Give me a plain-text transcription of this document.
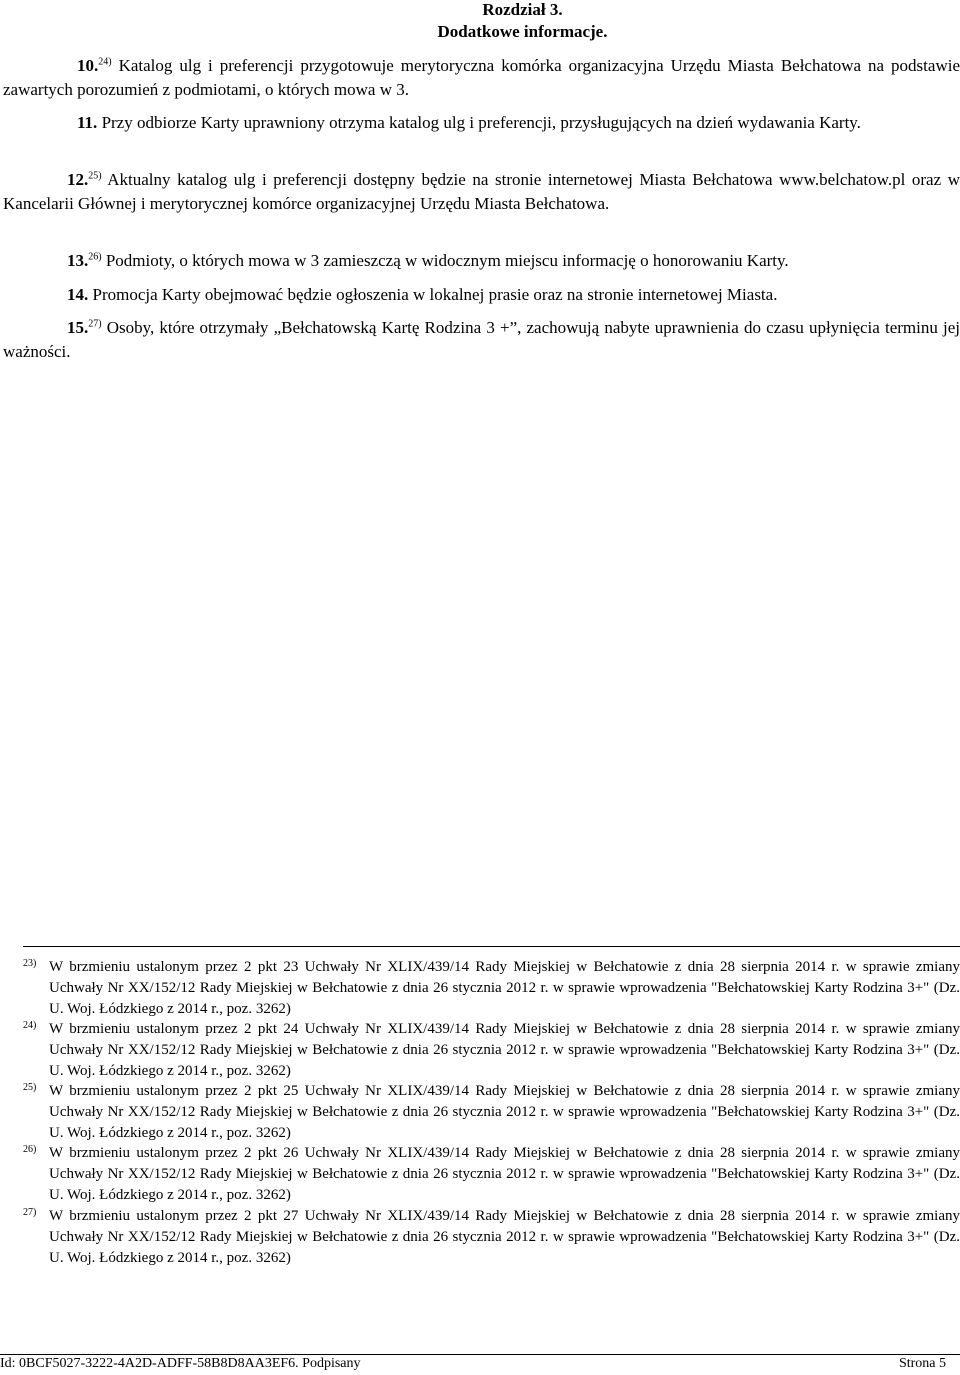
Rozdział 3.
Dodatkowe informacje.
10.$^{24)}$ Katalog ulg i preferencji przygotowuje merytoryczna komórka organizacyjna Urzędu Miasta Bełchatowa na podstawie zawartych porozumień z podmiotami, o których mowa w 3.
11. Przy odbiorze Karty uprawniony otrzyma katalog ulg i preferencji, przysługujących na dzień wydawania Karty.
12.$^{25)}$ Aktualny katalog ulg i preferencji dostępny będzie na stronie internetowej Miasta Bełchatowa www.belchatow.pl oraz w Kancelarii Głównej i merytorycznej komórce organizacyjnej Urzędu Miasta Bełchatowa.
13.$^{26)}$ Podmioty, o których mowa w 3 zamieszczą w widocznym miejscu informację o honorowaniu Karty.
14. Promocja Karty obejmować będzie ogłoszenia w lokalnej prasie oraz na stronie internetowej Miasta.
15.$^{27)}$ Osoby, które otrzymały „Bełchatowską Kartę Rodzina 3 +”, zachowują nabyte uprawnienia do czasu upłynięcia terminu jej ważności.
23) W brzmieniu ustalonym przez 2 pkt 23 Uchwały Nr XLIX/439/14 Rady Miejskiej w Bełchatowie z dnia 28 sierpnia 2014 r. w sprawie zmiany Uchwały Nr XX/152/12 Rady Miejskiej w Bełchatowie z dnia 26 stycznia 2012 r. w sprawie wprowadzenia "Bełchatowskiej Karty Rodzina 3+" (Dz. U. Woj. Łódzkiego z 2014 r., poz. 3262)
24) W brzmieniu ustalonym przez 2 pkt 24 Uchwały Nr XLIX/439/14 Rady Miejskiej w Bełchatowie z dnia 28 sierpnia 2014 r. w sprawie zmiany Uchwały Nr XX/152/12 Rady Miejskiej w Bełchatowie z dnia 26 stycznia 2012 r. w sprawie wprowadzenia "Bełchatowskiej Karty Rodzina 3+" (Dz. U. Woj. Łódzkiego z 2014 r., poz. 3262)
25) W brzmieniu ustalonym przez 2 pkt 25 Uchwały Nr XLIX/439/14 Rady Miejskiej w Bełchatowie z dnia 28 sierpnia 2014 r. w sprawie zmiany Uchwały Nr XX/152/12 Rady Miejskiej w Bełchatowie z dnia 26 stycznia 2012 r. w sprawie wprowadzenia "Bełchatowskiej Karty Rodzina 3+" (Dz. U. Woj. Łódzkiego z 2014 r., poz. 3262)
26) W brzmieniu ustalonym przez 2 pkt 26 Uchwały Nr XLIX/439/14 Rady Miejskiej w Bełchatowie z dnia 28 sierpnia 2014 r. w sprawie zmiany Uchwały Nr XX/152/12 Rady Miejskiej w Bełchatowie z dnia 26 stycznia 2012 r. w sprawie wprowadzenia "Bełchatowskiej Karty Rodzina 3+" (Dz. U. Woj. Łódzkiego z 2014 r., poz. 3262)
27) W brzmieniu ustalonym przez 2 pkt 27 Uchwały Nr XLIX/439/14 Rady Miejskiej w Bełchatowie z dnia 28 sierpnia 2014 r. w sprawie zmiany Uchwały Nr XX/152/12 Rady Miejskiej w Bełchatowie z dnia 26 stycznia 2012 r. w sprawie wprowadzenia "Bełchatowskiej Karty Rodzina 3+" (Dz. U. Woj. Łódzkiego z 2014 r., poz. 3262)
Id: 0BCF5027-3222-4A2D-ADFF-58B8D8AA3EF6. Podpisany	Strona 5
